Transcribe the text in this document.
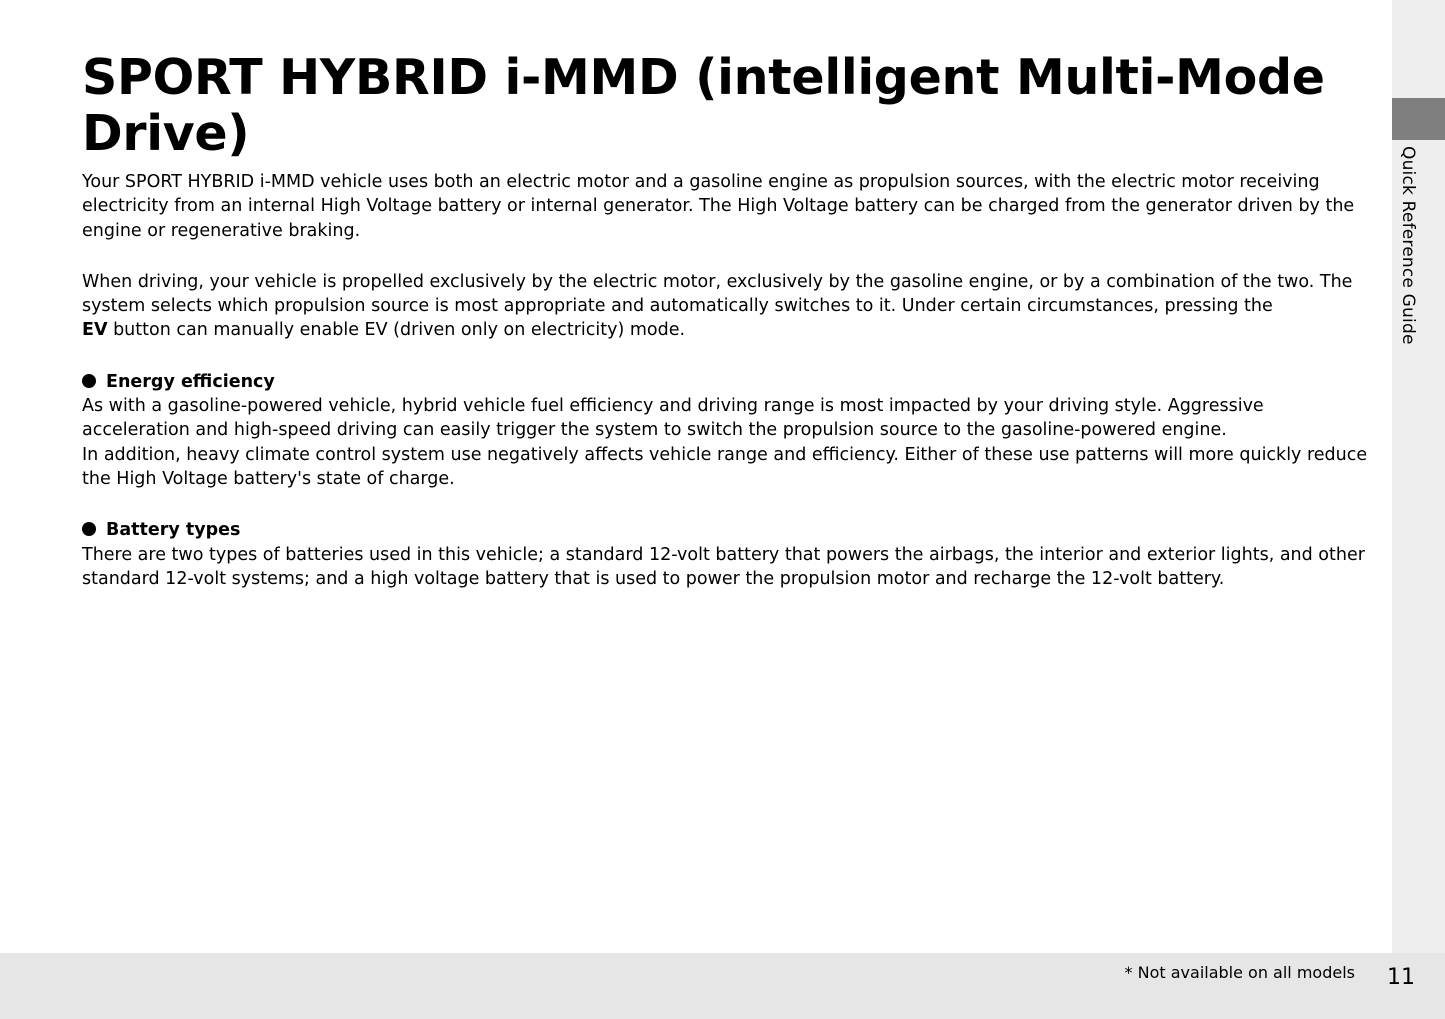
Quick Reference Guide
SPORT HYBRID i-MMD (intelligent Multi-Mode Drive)

Your SPORT HYBRID i-MMD vehicle uses both an electric motor and a gasoline engine as propulsion sources, with the electric motor receiving electricity from an internal High Voltage battery or internal generator. The High Voltage battery can be charged from the generator driven by the engine or regenerative braking.

When driving, your vehicle is propelled exclusively by the electric motor, exclusively by the gasoline engine, or by a combination of the two. The system selects which propulsion source is most appropriate and automatically switches to it. Under certain circumstances, pressing the
EV button can manually enable EV (driven only on electricity) mode.

Energy efficiency

As with a gasoline-powered vehicle, hybrid vehicle fuel efficiency and driving range is most impacted by your driving style. Aggressive acceleration and high-speed driving can easily trigger the system to switch the propulsion source to the gasoline-powered engine.

In addition, heavy climate control system use negatively affects vehicle range and efficiency. Either of these use patterns will more quickly reduce the High Voltage battery's state of charge.

Battery types

There are two types of batteries used in this vehicle; a standard 12-volt battery that powers the airbags, the interior and exterior lights, and other standard 12-volt systems; and a high voltage battery that is used to power the propulsion motor and recharge the 12-volt battery.

* Not available on all models 11
